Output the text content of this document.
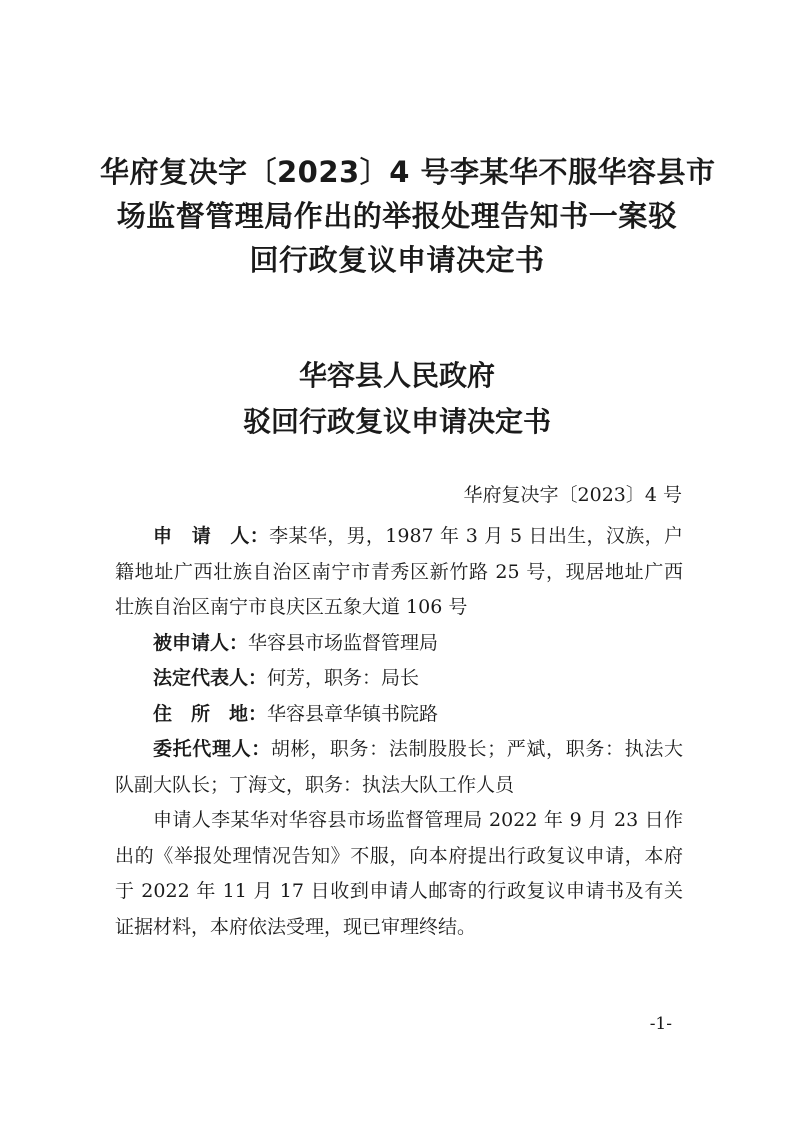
华府复决字〔2023〕4 号李某华不服华容县市
场监督管理局作出的举报处理告知书一案驳
回行政复议申请决定书
华容县人民政府
驳回行政复议申请决定书
华府复决字〔2023〕4 号

申　请　人：李某华，男，1987 年 3 月 5 日出生，汉族，户籍地址广西壮族自治区南宁市青秀区新竹路 25 号，现居地址广西壮族自治区南宁市良庆区五象大道 106 号

被申请人：华容县市场监督管理局

法定代表人：何芳，职务：局长

住　所　地：华容县章华镇书院路

委托代理人：胡彬，职务：法制股股长；严斌，职务：执法大队副大队长；丁海文，职务：执法大队工作人员

申请人李某华对华容县市场监督管理局 2022 年 9 月 23 日作出的《举报处理情况告知》不服，向本府提出行政复议申请，本府于 2022 年 11 月 17 日收到申请人邮寄的行政复议申请书及有关证据材料，本府依法受理，现已审理终结。

-1-
